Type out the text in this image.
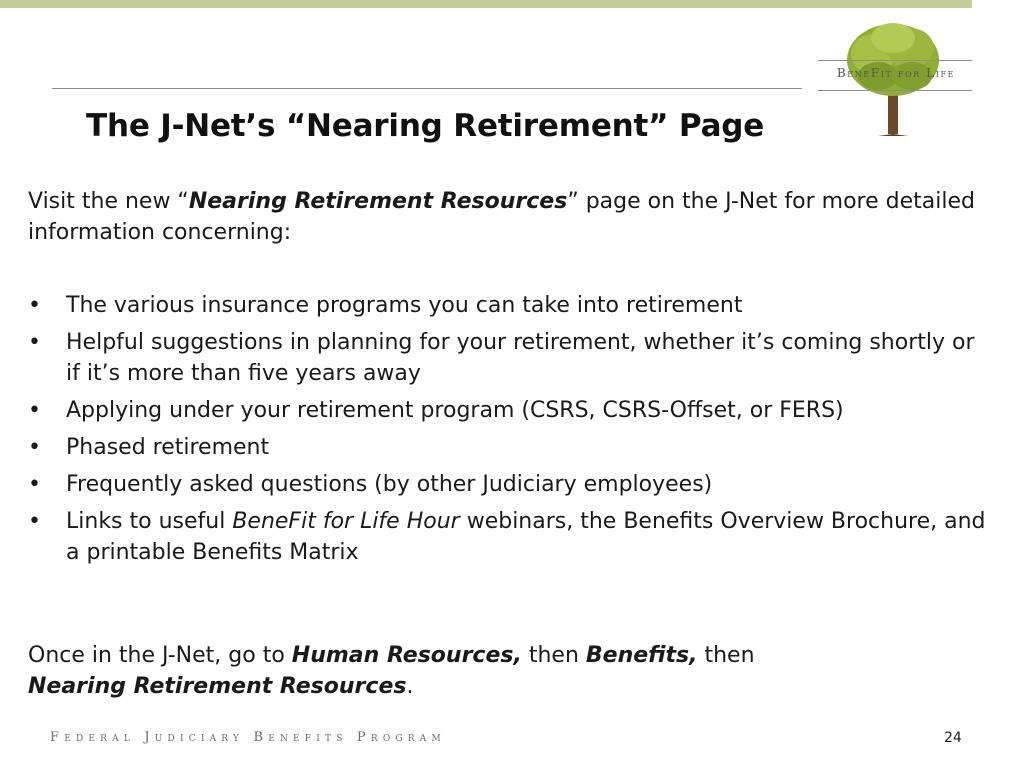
BeneFit for Life
The J-Net’s “Nearing Retirement” Page
Visit the new “Nearing Retirement Resources” page on the J-Net for more detailed information concerning:
• The various insurance programs you can take into retirement
• Helpful suggestions in planning for your retirement, whether it’s coming shortly or if it’s more than five years away
• Applying under your retirement program (CSRS, CSRS-Offset, or FERS)
• Phased retirement
• Frequently asked questions (by other Judiciary employees)
• Links to useful BeneFit for Life Hour webinars, the Benefits Overview Brochure, and a printable Benefits Matrix
Once in the J-Net, go to Human Resources, then Benefits, then
Nearing Retirement Resources.
Federal Judiciary Benefits Program	24
